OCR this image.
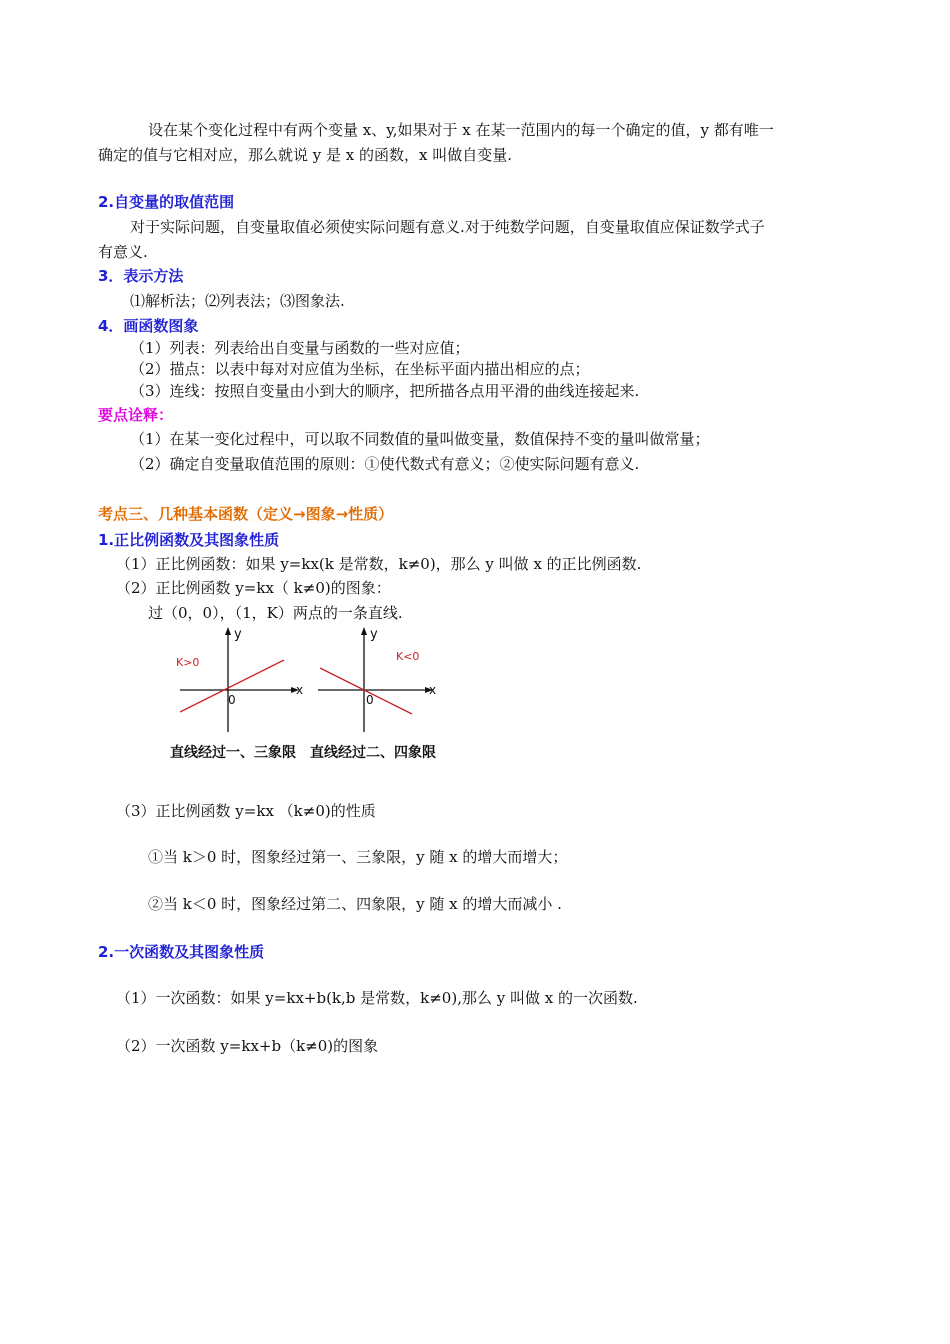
设在某个变化过程中有两个变量 x、y,如果对于 x 在某一范围内的每一个确定的值，y 都有唯一
确定的值与它相对应，那么就说 y 是 x 的函数，x 叫做自变量.
2.自变量的取值范围
对于实际问题，自变量取值必须使实际问题有意义.对于纯数学问题，自变量取值应保证数学式子
有意义.
3．表示方法
⑴解析法；⑵列表法；⑶图象法.
4．画函数图象
（1）列表：列表给出自变量与函数的一些对应值；
（2）描点：以表中每对对应值为坐标，在坐标平面内描出相应的点；
（3）连线：按照自变量由小到大的顺序，把所描各点用平滑的曲线连接起来.
要点诠释：
（1）在某一变化过程中，可以取不同数值的量叫做变量，数值保持不变的量叫做常量；
（2）确定自变量取值范围的原则：①使代数式有意义；②使实际问题有意义.
考点三、几种基本函数（定义→图象→性质）
1.正比例函数及其图象性质
（1）正比例函数：如果 y=kx(k 是常数，k≠0)，那么 y 叫做 x 的正比例函数.
（2）正比例函数 y=kx（ k≠0)的图象：
过（0，0），（1，K）两点的一条直线.
y
x
0
K>0
直线经过一、三象限
y
x
0
K<0
直线经过二、四象限
（3）正比例函数 y=kx （k≠0)的性质
①当 k＞0 时，图象经过第一、三象限，y 随 x 的增大而增大；
②当 k＜0 时，图象经过第二、四象限，y 随 x 的增大而减小 .
2.一次函数及其图象性质
（1）一次函数：如果 y=kx+b(k,b 是常数，k≠0),那么 y 叫做 x 的一次函数.
（2）一次函数 y=kx+b（k≠0)的图象
